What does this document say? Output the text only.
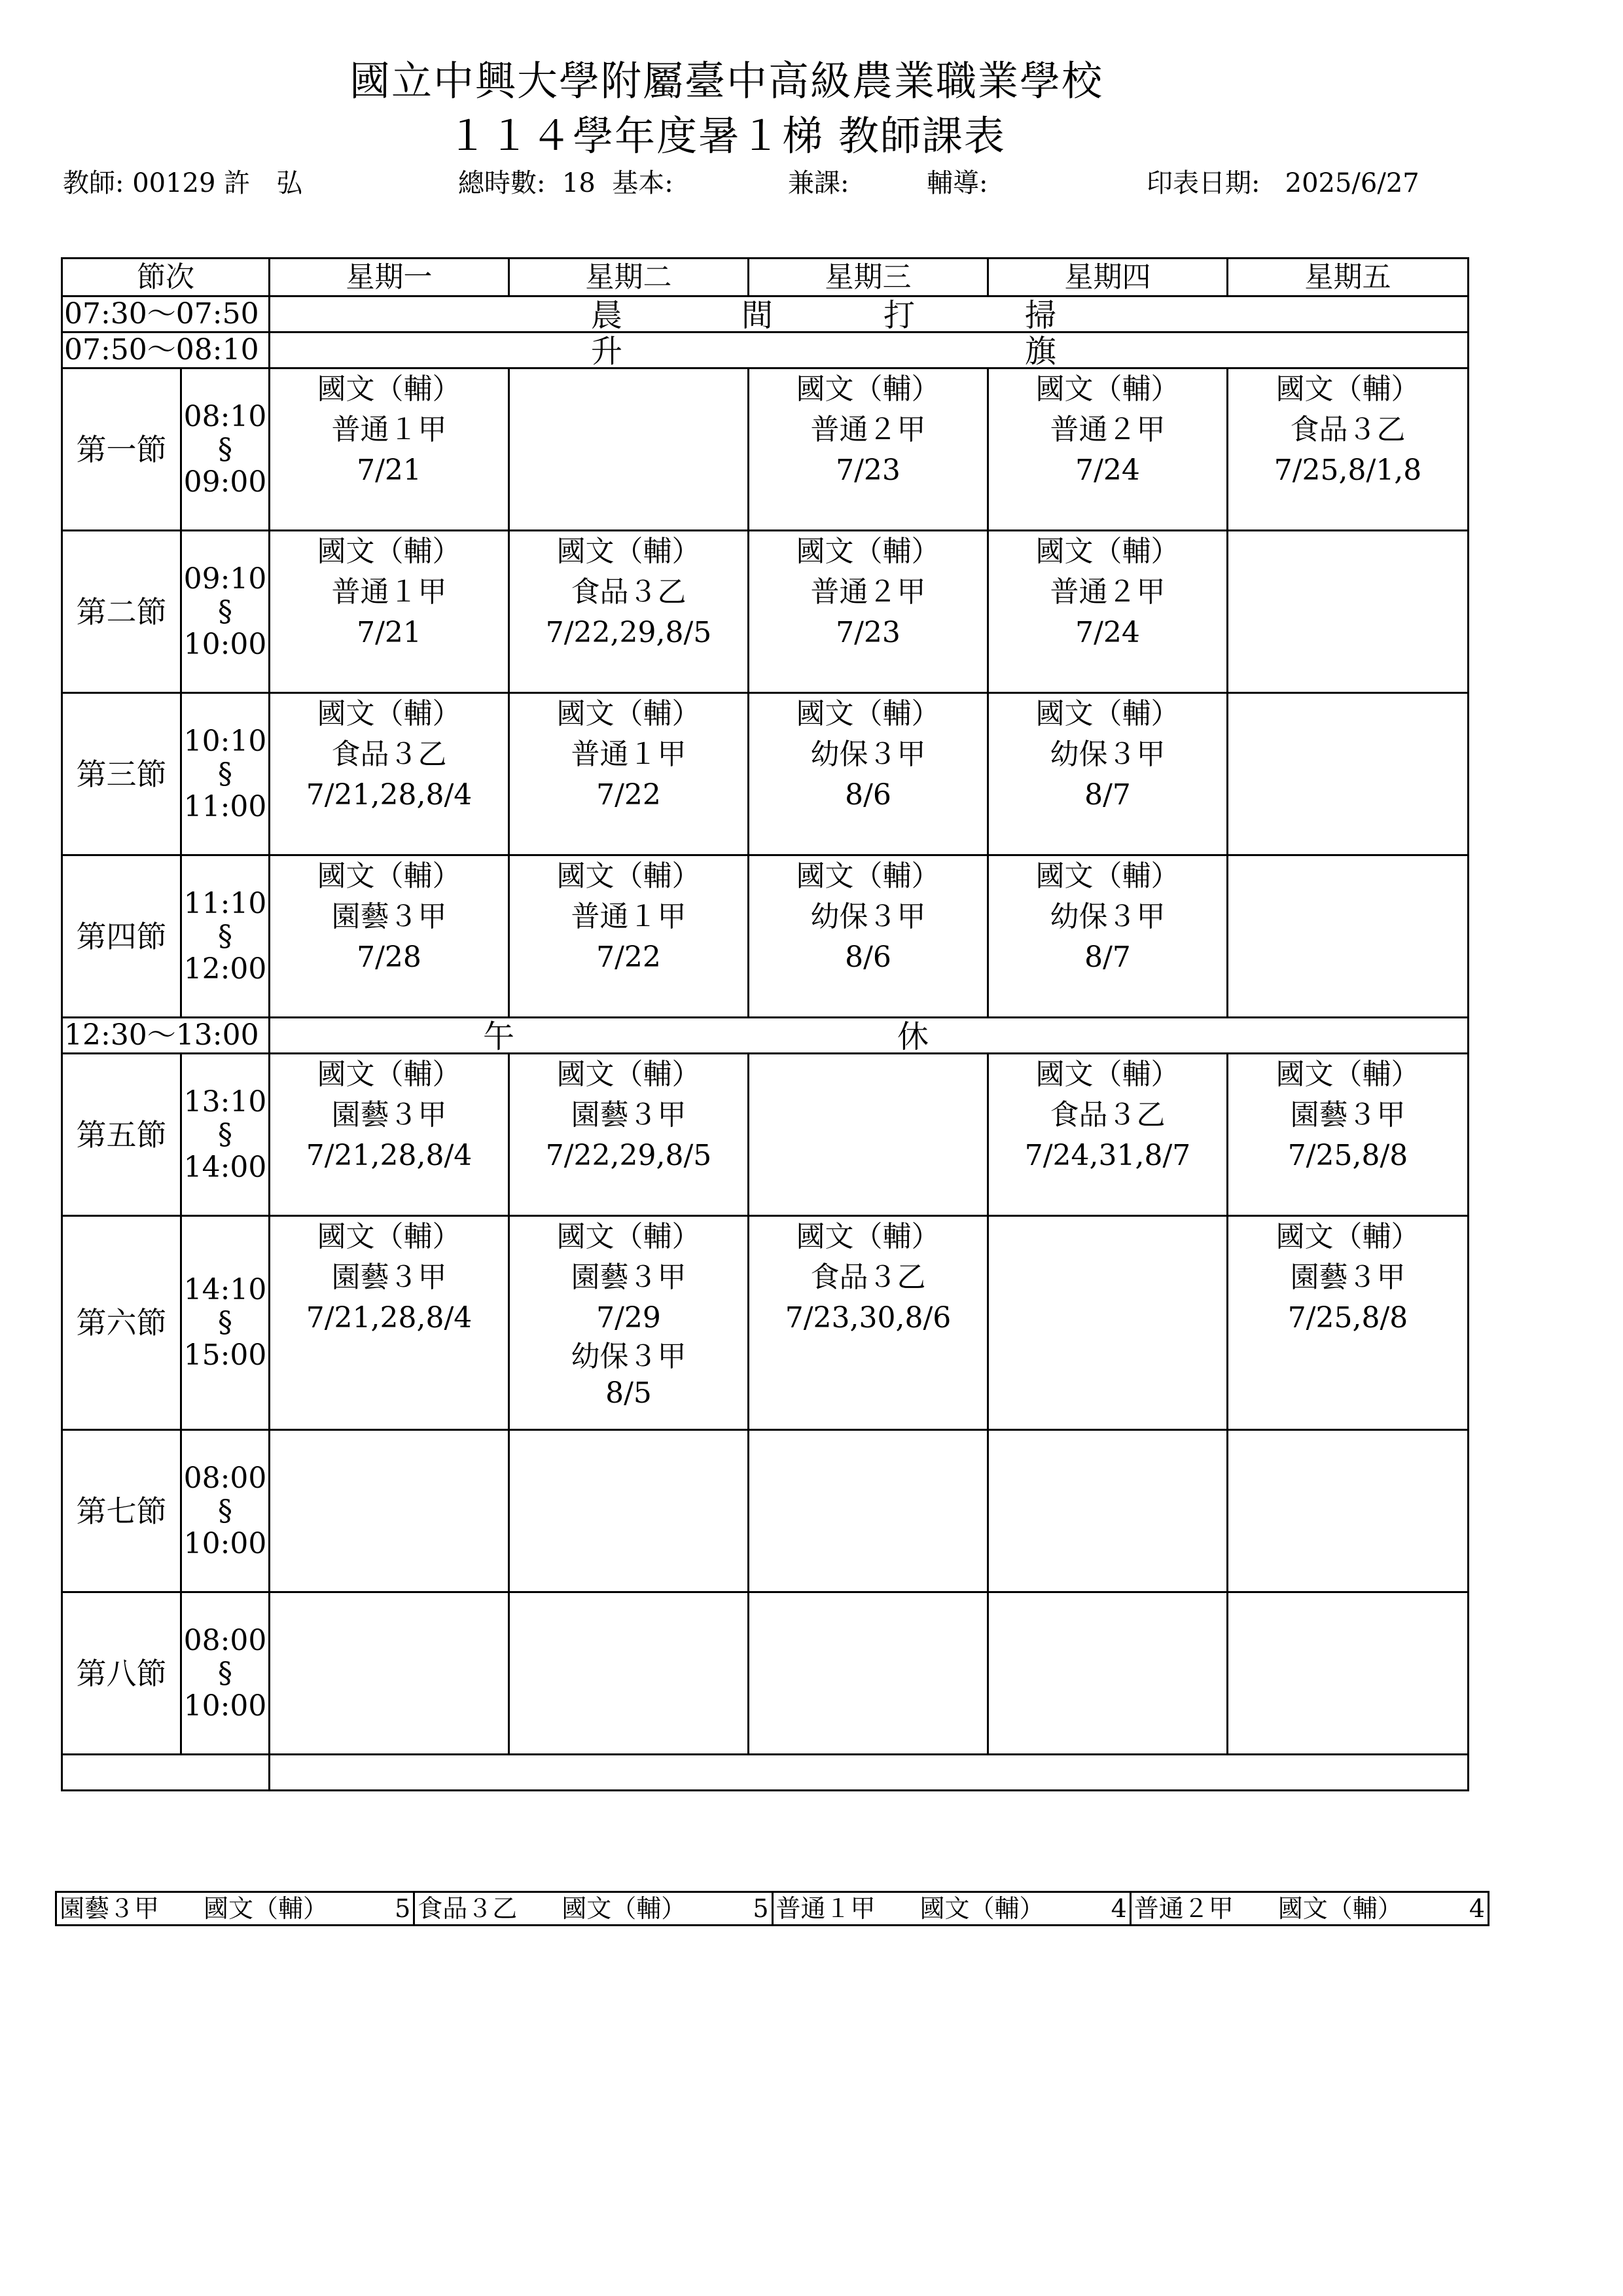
國立中興大學附屬臺中高級農業職業學校
１１４學年度暑１梯 教師課表
教師: 00129 許　弘	總時數:  18  基本:	兼課:	輔導:	印表日期:   2025/6/27
節次		星期一	星期二	星期三	星期四	星期五
07:30～07:50		晨 間 打 掃				

07:50～08:10		升 旗				

第一節	08:10
§
09:00	國文（輔）
普通１甲
7/21		國文（輔）
普通２甲
7/23	國文（輔）
普通２甲
7/24	國文（輔）
食品３乙
7/25,8/1,8

第二節	09:10
§
10:00	國文（輔）
普通１甲
7/21	國文（輔）
食品３乙
7/22,29,8/5	國文（輔）
普通２甲
7/23	國文（輔）
普通２甲
7/24	

第三節	10:10
§
11:00	國文（輔）
食品３乙
7/21,28,8/4	國文（輔）
普通１甲
7/22	國文（輔）
幼保３甲
8/6	國文（輔）
幼保３甲
8/7	

第四節	11:10
§
12:00	國文（輔）
園藝３甲
7/28	國文（輔）
普通１甲
7/22	國文（輔）
幼保３甲
8/6	國文（輔）
幼保３甲
8/7	

12:30～13:00		午 休				

第五節	13:10
§
14:00	國文（輔）
園藝３甲
7/21,28,8/4	國文（輔）
園藝３甲
7/22,29,8/5		國文（輔）
食品３乙
7/24,31,8/7	國文（輔）
園藝３甲
7/25,8/8

第六節	14:10
§
15:00	國文（輔）
園藝３甲
7/21,28,8/4	國文（輔）
園藝３甲
7/29
幼保３甲
8/5	國文（輔）
食品３乙
7/23,30,8/6		國文（輔）
園藝３甲
7/25,8/8

第七節	08:00
§
10:00					

第八節	08:00
§
10:00					

園藝３甲 國文（輔）	5	食品３乙 國文（輔）	5	普通１甲 國文（輔）	4	普通２甲 國文（輔）	4
